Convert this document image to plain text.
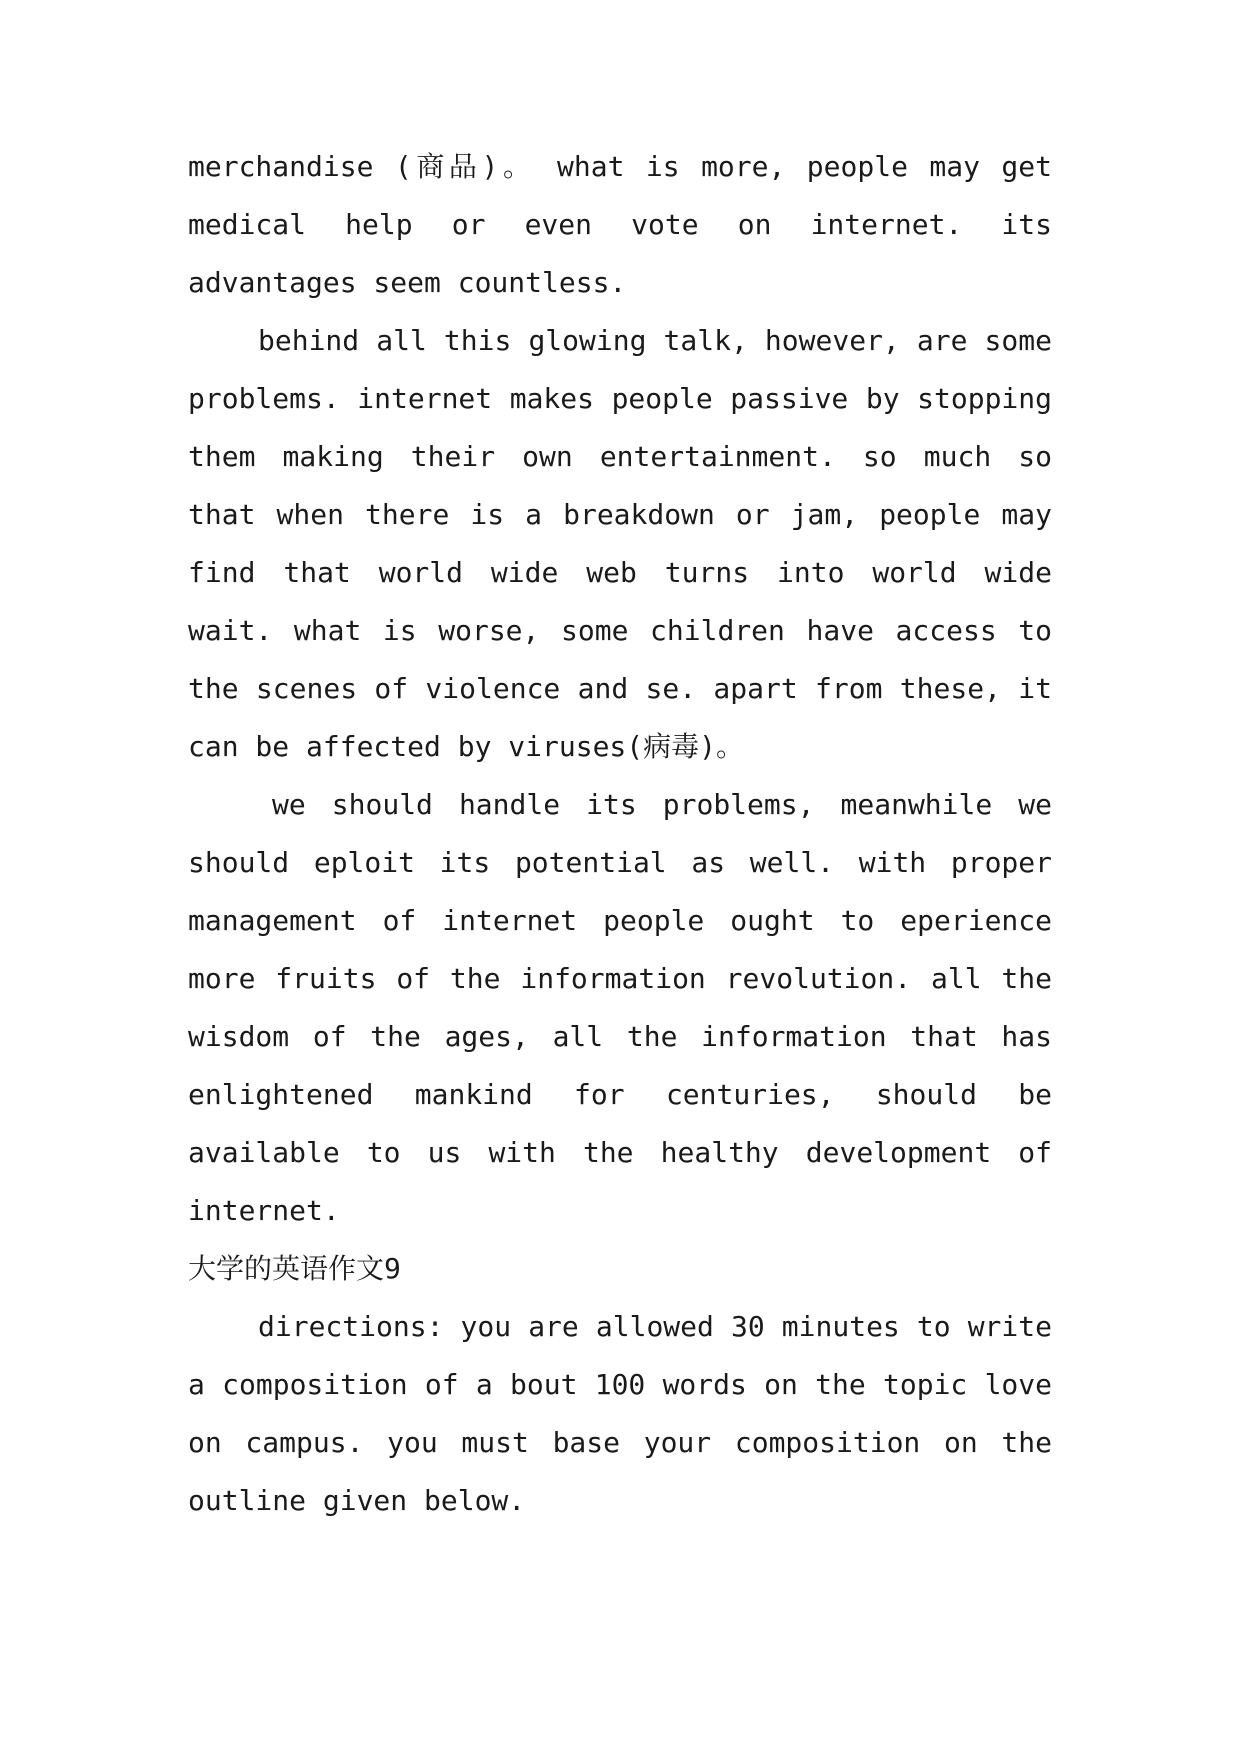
merchandise (商品)。 what is more, people may get medical help or even vote on internet. its advantages seem countless.

behind all this glowing talk, however, are some problems. internet makes people passive by stopping them making their own entertainment. so much so that when there is a breakdown or jam, people may find that world wide web turns into world wide wait. what is worse, some children have access to the scenes of violence and se. apart from these, it can be affected by viruses(病毒)。

we should handle its problems, meanwhile we should eploit its potential as well. with proper management of internet people ought to eperience more fruits of the information revolution. all the wisdom of the ages, all the information that has enlightened mankind for centuries, should be available to us with the healthy development of internet.

大学的英语作文9

directions: you are allowed 30 minutes to write a composition of a bout 100 words on the topic love on campus. you must base your composition on the outline given below.
